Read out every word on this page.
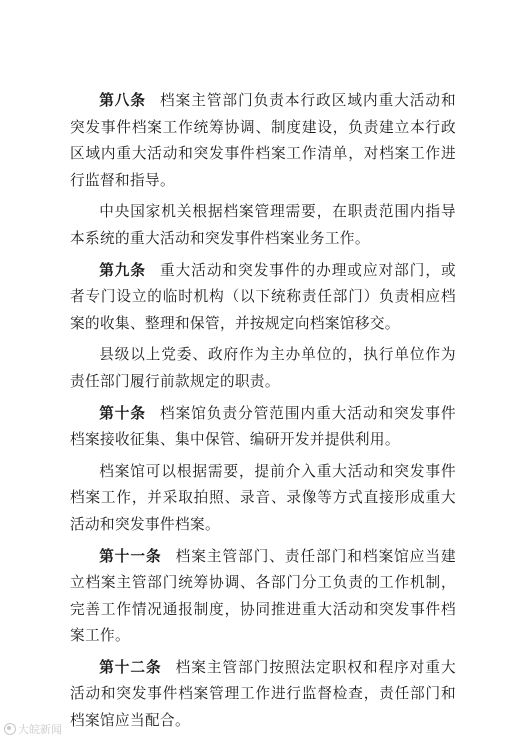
第八条 档案主管部门负责本行政区域内重大活动和突发事件档案工作统筹协调、制度建设，负责建立本行政区域内重大活动和突发事件档案工作清单，对档案工作进行监督和指导。

中央国家机关根据档案管理需要，在职责范围内指导本系统的重大活动和突发事件档案业务工作。

第九条 重大活动和突发事件的办理或应对部门，或者专门设立的临时机构（以下统称责任部门）负责相应档案的收集、整理和保管，并按规定向档案馆移交。

县级以上党委、政府作为主办单位的，执行单位作为责任部门履行前款规定的职责。

第十条 档案馆负责分管范围内重大活动和突发事件档案接收征集、集中保管、编研开发并提供利用。

档案馆可以根据需要，提前介入重大活动和突发事件档案工作，并采取拍照、录音、录像等方式直接形成重大活动和突发事件档案。

第十一条 档案主管部门、责任部门和档案馆应当建立档案主管部门统筹协调、各部门分工负责的工作机制，完善工作情况通报制度，协同推进重大活动和突发事件档案工作。

第十二条 档案主管部门按照法定职权和程序对重大活动和突发事件档案管理工作进行监督检查，责任部门和档案馆应当配合。

大皖新闻
